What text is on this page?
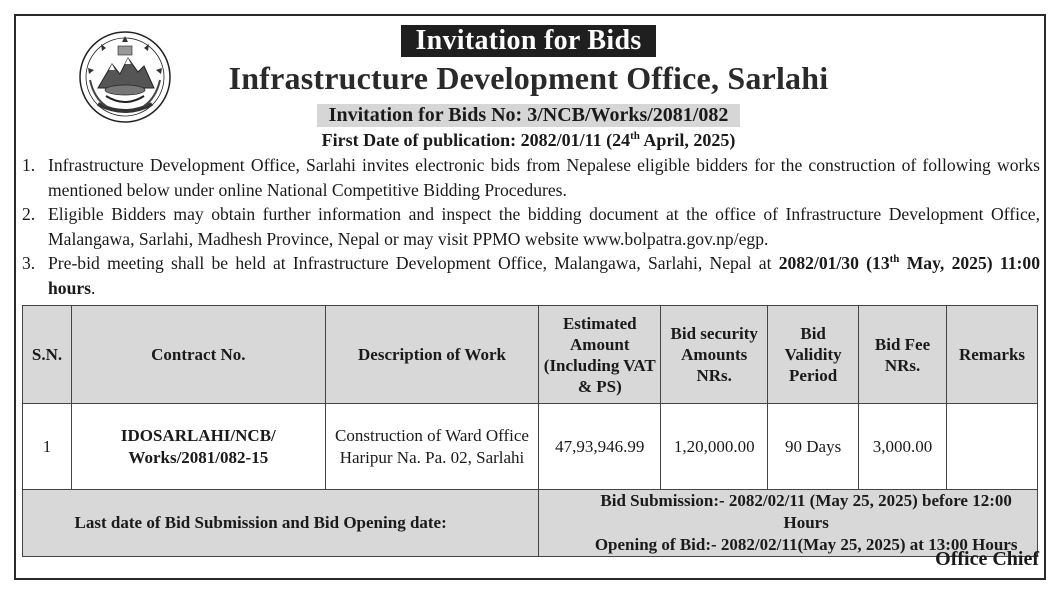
Invitation for Bids
Infrastructure Development Office, Sarlahi
Invitation for Bids No: 3/NCB/Works/2081/082
First Date of publication: 2082/01/11 (24th April, 2025)
1. Infrastructure Development Office, Sarlahi invites electronic bids from Nepalese eligible bidders for the construction of following works mentioned below under online National Competitive Bidding Procedures.
2. Eligible Bidders may obtain further information and inspect the bidding document at the office of Infrastructure Development Office, Malangawa, Sarlahi, Madhesh Province, Nepal or may visit PPMO website www.bolpatra.gov.np/egp.
3. Pre-bid meeting shall be held at Infrastructure Development Office, Malangawa, Sarlahi, Nepal at 2082/01/30 (13th May, 2025) 11:00 hours.
S.N.	Contract No.	Description of Work	Estimated Amount (Including VAT & PS)	Bid security Amounts NRs.	Bid Validity Period	Bid Fee NRs.	Remarks
1	IDOSARLAHI/NCB/ Works/2081/082-15	Construction of Ward Office Haripur Na. Pa. 02, Sarlahi	47,93,946.99	1,20,000.00	90 Days	3,000.00	
Last date of Bid Submission and Bid Opening date:			Bid Submission:- 2082/02/11 (May 25, 2025) before 12:00 Hours
Opening of Bid:- 2082/02/11(May 25, 2025) at 13:00 Hours				
Office Chief
